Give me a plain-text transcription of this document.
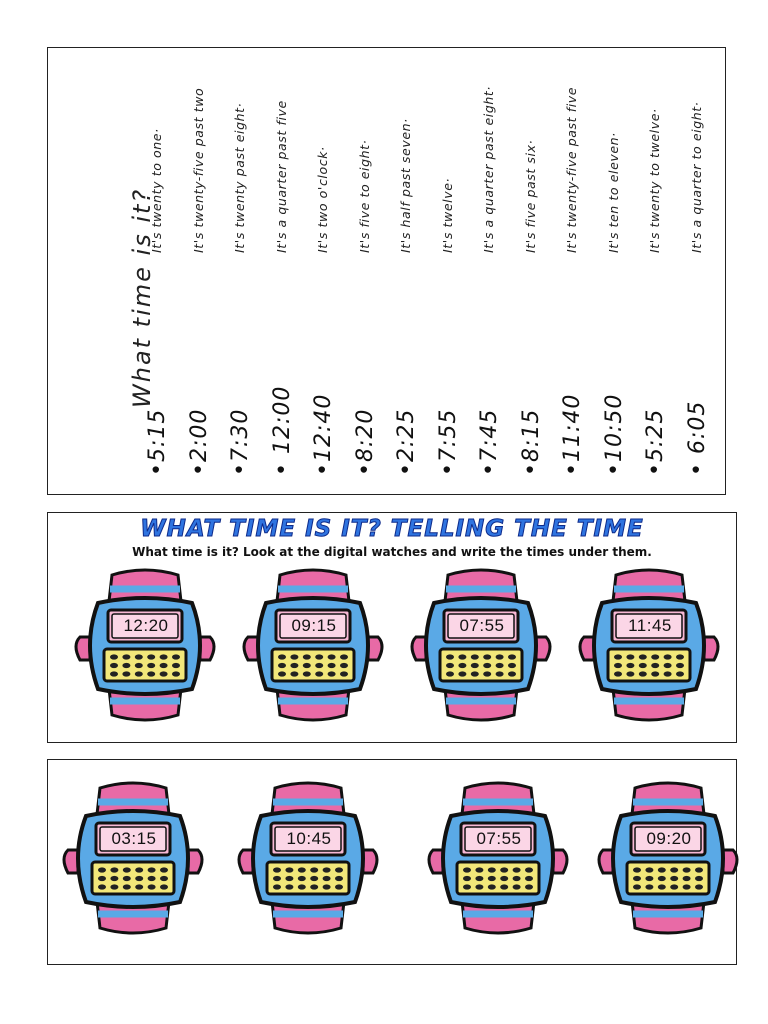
What time is it?
It's twenty to one· It's twenty-five past two It's twenty past eight· It's a quarter past five It's two o'clock· It's five to eight· It's half past seven· It's twelve· It's a quarter past eight· It's five past six· It's twenty-five past five It's ten to eleven· It's twenty to twelve· It's a quarter to eight·
•5:15 •2:00 •7:30 • 12:00 •12:40 •8:20 •2:25 •7:55 •7:45 •8:15 •11:40 •10:50 •5:25 • 6:05
WHAT TIME IS IT? TELLING THE TIME
What time is it? Look at the digital watches and write the times under them.
12:20	09:15	07:55	11:45
03:15	10:45	07:55	09:20
